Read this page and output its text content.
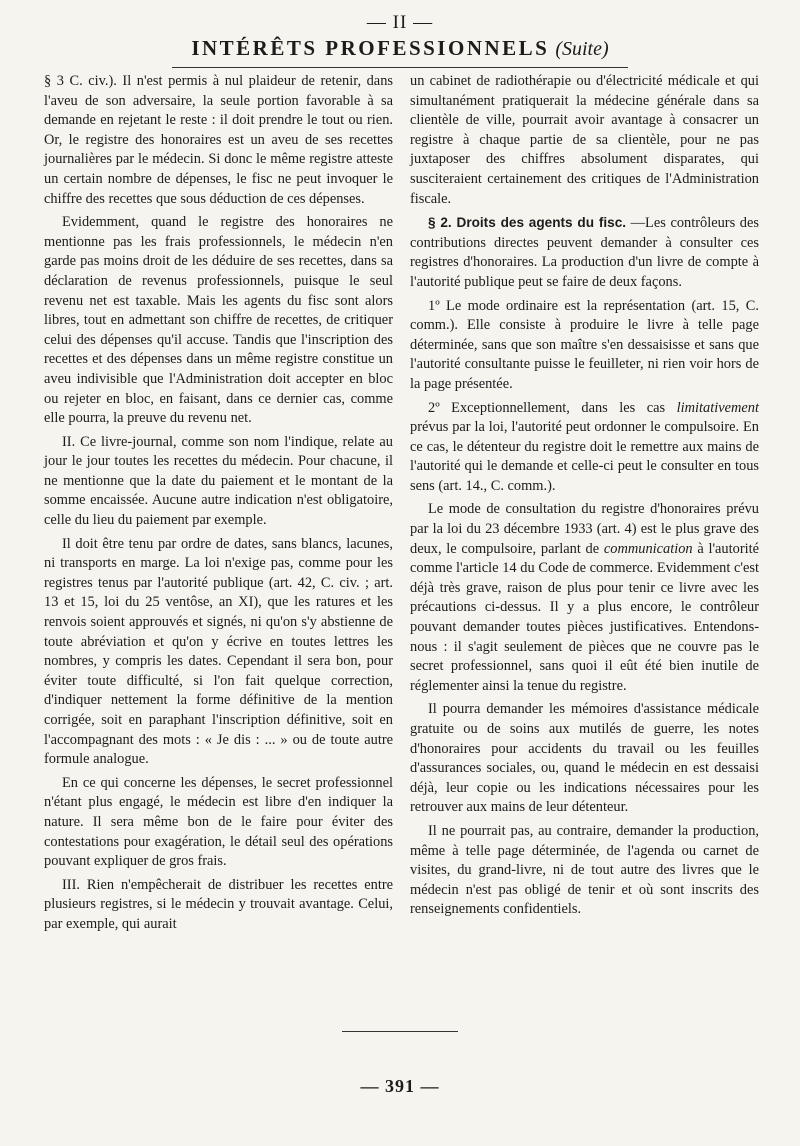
— II —
INTÉRÊTS PROFESSIONNELS (Suite)

§ 3 C. civ.). Il n'est permis à nul plaideur de retenir, dans l'aveu de son adversaire, la seule portion favorable à sa demande en rejetant le reste : il doit prendre le tout ou rien. Or, le registre des honoraires est un aveu de ses recettes journalières par le médecin. Si donc le même registre atteste un certain nombre de dépenses, le fisc ne peut invoquer le chiffre des recettes que sous déduction de ces dépenses.

Evidemment, quand le registre des honoraires ne mentionne pas les frais professionnels, le médecin n'en garde pas moins droit de les déduire de ses recettes, dans sa déclaration de revenus professionnels, puisque le seul revenu net est taxable. Mais les agents du fisc sont alors libres, tout en admettant son chiffre de recettes, de critiquer celui des dépenses qu'il accuse. Tandis que l'inscription des recettes et des dépenses dans un même registre constitue un aveu indivisible que l'Administration doit accepter en bloc ou rejeter en bloc, en faisant, dans ce dernier cas, comme elle pourra, la preuve du revenu net.

II. Ce livre-journal, comme son nom l'indique, relate au jour le jour toutes les recettes du médecin. Pour chacune, il ne mentionne que la date du paiement et le montant de la somme encaissée. Aucune autre indication n'est obligatoire, celle du lieu du paiement par exemple.

Il doit être tenu par ordre de dates, sans blancs, lacunes, ni transports en marge. La loi n'exige pas, comme pour les registres tenus par l'autorité publique (art. 42, C. civ. ; art. 13 et 15, loi du 25 ventôse, an XI), que les ratures et les renvois soient approuvés et signés, ni qu'on s'y abstienne de toute abréviation et qu'on y écrive en toutes lettres les nombres, y compris les dates. Cependant il sera bon, pour éviter toute difficulté, si l'on fait quelque correction, d'indiquer nettement la forme définitive de la mention corrigée, soit en paraphant l'inscription définitive, soit en l'accompagnant des mots : « Je dis : ... » ou de toute autre formule analogue.

En ce qui concerne les dépenses, le secret professionnel n'étant plus engagé, le médecin est libre d'en indiquer la nature. Il sera même bon de le faire pour éviter des contestations pour exagération, le détail seul des opérations pouvant expliquer de gros frais.

III. Rien n'empêcherait de distribuer les recettes entre plusieurs registres, si le médecin y trouvait avantage. Celui, par exemple, qui aurait

un cabinet de radiothérapie ou d'électricité médicale et qui simultanément pratiquerait la médecine générale dans sa clientèle de ville, pourrait avoir avantage à consacrer un registre à chaque partie de sa clientèle, pour ne pas juxtaposer des chiffres absolument disparates, qui susciteraient certainement des critiques de l'Administration fiscale.

§ 2. Droits des agents du fisc. —Les contrôleurs des contributions directes peuvent demander à consulter ces registres d'honoraires. La production d'un livre de compte à l'autorité publique peut se faire de deux façons.

1º Le mode ordinaire est la représentation (art. 15, C. comm.). Elle consiste à produire le livre à telle page déterminée, sans que son maître s'en dessaisisse et sans que l'autorité consultante puisse le feuilleter, ni rien voir hors de la page présentée.

2º Exceptionnellement, dans les cas limitativement prévus par la loi, l'autorité peut ordonner le compulsoire. En ce cas, le détenteur du registre doit le remettre aux mains de l'autorité qui le demande et celle-ci peut le consulter en tous sens (art. 14., C. comm.).

Le mode de consultation du registre d'honoraires prévu par la loi du 23 décembre 1933 (art. 4) est le plus grave des deux, le compulsoire, parlant de communication à l'autorité comme l'article 14 du Code de commerce. Evidemment c'est déjà très grave, raison de plus pour tenir ce livre avec les précautions ci-dessus. Il y a plus encore, le contrôleur pouvant demander toutes pièces justificatives. Entendons-nous : il s'agit seulement de pièces que ne couvre pas le secret professionnel, sans quoi il eût été bien inutile de réglementer ainsi la tenue du registre.

Il pourra demander les mémoires d'assistance médicale gratuite ou de soins aux mutilés de guerre, les notes d'honoraires pour accidents du travail ou les feuilles d'assurances sociales, ou, quand le médecin en est dessaisi déjà, leur copie ou les indications nécessaires pour les retrouver aux mains de leur détenteur.

Il ne pourrait pas, au contraire, demander la production, même à telle page déterminée, de l'agenda ou carnet de visites, du grand-livre, ni de tout autre des livres que le médecin n'est pas obligé de tenir et où sont inscrits des renseignements confidentiels.

— 391 —
